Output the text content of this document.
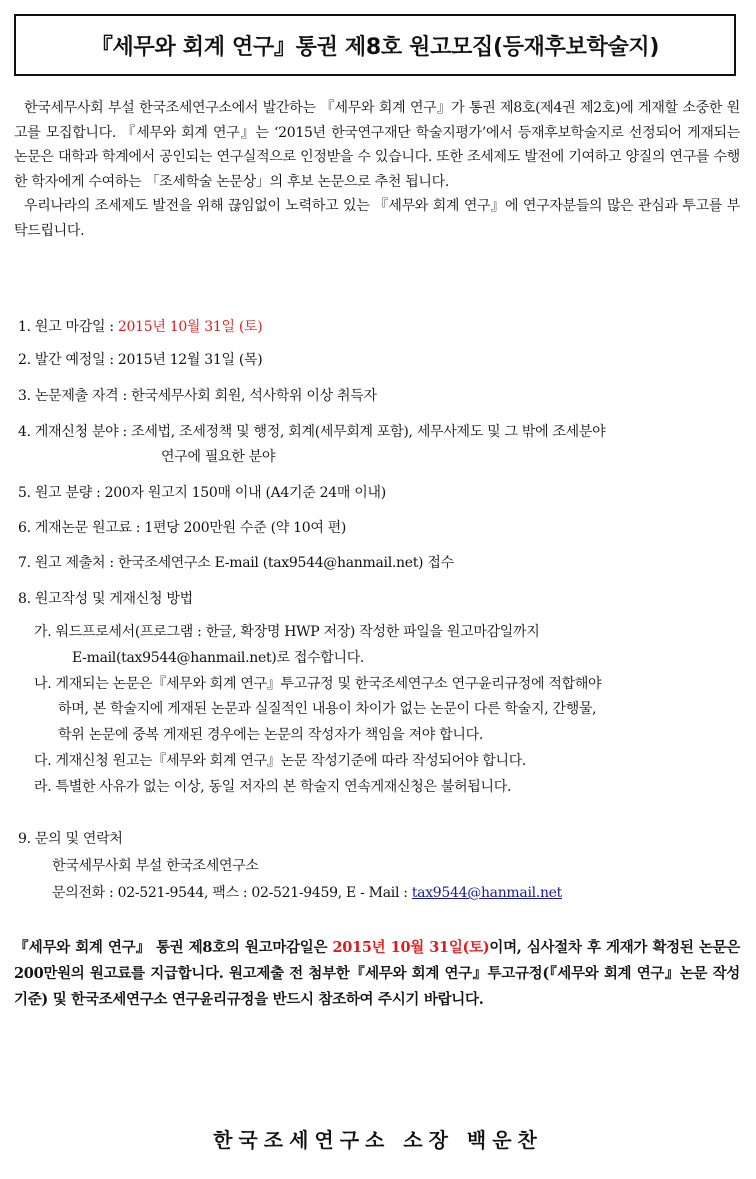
『세무와 회계 연구』통권 제8호 원고모집(등재후보학술지)

한국세무사회 부설 한국조세연구소에서 발간하는 『세무와 회계 연구』가 통권 제8호(제4권 제2호)에 게재할 소중한 원고를 모집합니다. 『세무와 회계 연구』는 ‘2015년 한국연구재단 학술지평가’에서 등재후보학술지로 선정되어 게재되는 논문은 대학과 학계에서 공인되는 연구실적으로 인정받을 수 있습니다. 또한 조세제도 발전에 기여하고 양질의 연구를 수행한 학자에게 수여하는 「조세학술 논문상」의 후보 논문으로 추천 됩니다.

우리나라의 조세제도 발전을 위해 끊임없이 노력하고 있는 『세무와 회계 연구』에 연구자분들의 많은 관심과 투고를 부탁드립니다.

1. 원고 마감일 : 2015년 10월 31일 (토)
2. 발간 예정일 : 2015년 12월 31일 (목)
3. 논문제출 자격 : 한국세무사회 회원, 석사학위 이상 취득자
4. 게재신청 분야 : 조세법, 조세정책 및 행정, 회계(세무회계 포함), 세무사제도 및 그 밖에 조세분야
연구에 필요한 분야
5. 원고 분량 : 200자 원고지 150매 이내 (A4기준 24매 이내)
6. 게재논문 원고료 : 1편당 200만원 수준 (약 10여 편)
7. 원고 제출처 : 한국조세연구소 E-mail (tax9544@hanmail.net) 접수
8. 원고작성 및 게재신청 방법
가. 워드프로세서(프로그램 : 한글, 확장명 HWP 저장) 작성한 파일을 원고마감일까지
E-mail(tax9544@hanmail.net)로 접수합니다.
나. 게재되는 논문은『세무와 회계 연구』투고규정 및 한국조세연구소 연구윤리규정에 적합해야
하며, 본 학술지에 게재된 논문과 실질적인 내용이 차이가 없는 논문이 다른 학술지, 간행물,
학위 논문에 중복 게재된 경우에는 논문의 작성자가 책임을 져야 합니다.
다. 게재신청 원고는『세무와 회계 연구』논문 작성기준에 따라 작성되어야 합니다.
라. 특별한 사유가 없는 이상, 동일 저자의 본 학술지 연속게재신청은 불허됩니다.
9. 문의 및 연락처
한국세무사회 부설 한국조세연구소
문의전화 : 02-521-9544, 팩스 : 02-521-9459, E - Mail : tax9544@hanmail.net
『세무와 회계 연구』 통권 제8호의 원고마감일은 2015년 10월 31일(토)이며, 심사절차 후 게재가 확정된 논문은 200만원의 원고료를 지급합니다. 원고제출 전 첨부한『세무와 회계 연구』투고규정(『세무와 회계 연구』논문 작성기준) 및 한국조세연구소 연구윤리규정을 반드시 참조하여 주시기 바랍니다.
한국조세연구소 소장 백운찬
